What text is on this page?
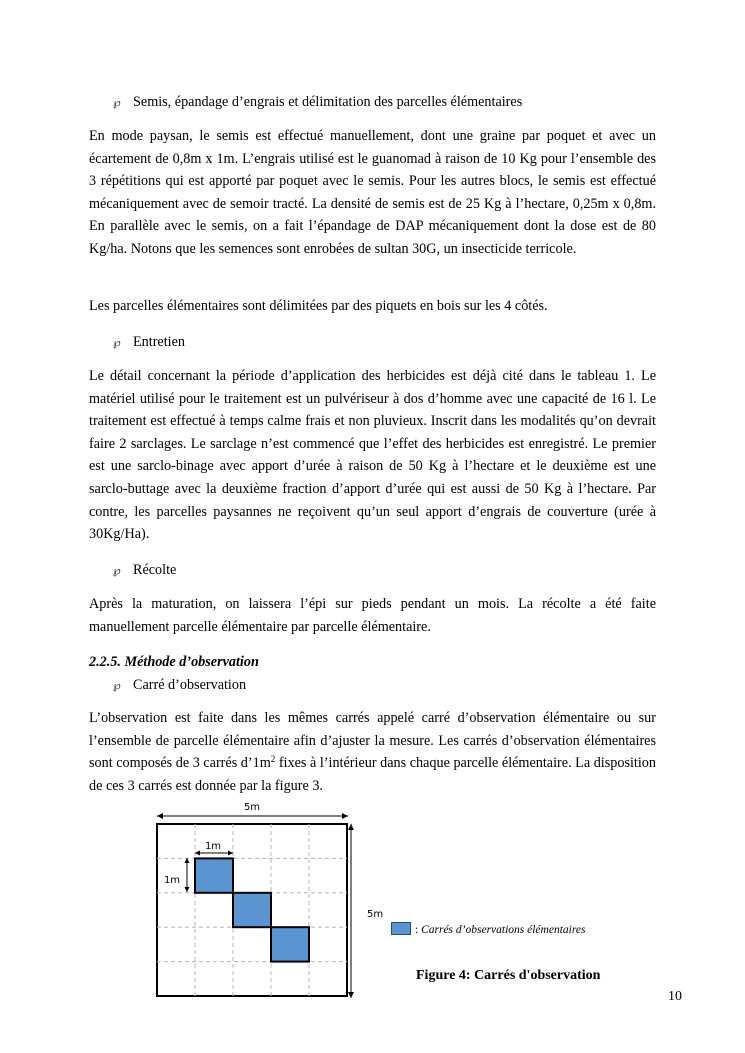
℘ Semis, épandage d’engrais et délimitation des parcelles élémentaires

En mode paysan, le semis est effectué manuellement, dont une graine par poquet et avec un écartement de 0,8m x 1m. L’engrais utilisé est le guanomad à raison de 10 Kg pour l’ensemble des 3 répétitions qui est apporté par poquet avec le semis. Pour les autres blocs, le semis est effectué mécaniquement avec de semoir tracté. La densité de semis est de 25 Kg à l’hectare, 0,25m x 0,8m. En parallèle avec le semis, on a fait l’épandage de DAP mécaniquement dont la dose est de 80 Kg/ha. Notons que les semences sont enrobées de sultan 30G, un insecticide terricole.

Les parcelles élémentaires sont délimitées par des piquets en bois sur les 4 côtés.

℘ Entretien

Le détail concernant la période d’application des herbicides est déjà cité dans le tableau 1. Le matériel utilisé pour le traitement est un pulvériseur à dos d’homme avec une capacité de 16 l. Le traitement est effectué à temps calme frais et non pluvieux. Inscrit dans les modalités qu’on devrait faire 2 sarclages. Le sarclage n’est commencé que l’effet des herbicides est enregistré. Le premier est une sarclo-binage avec apport d’urée à raison de 50 Kg à l’hectare et le deuxième est une sarclo-buttage avec la deuxième fraction d’apport d’urée qui est aussi de 50 Kg à l’hectare. Par contre, les parcelles paysannes ne reçoivent qu’un seul apport d’engrais de couverture (urée à 30Kg/Ha).

℘ Récolte

Après la maturation, on laissera l’épi sur pieds pendant un mois. La récolte a été faite manuellement parcelle élémentaire par parcelle élémentaire.

2.2.5. Méthode d’observation
℘ Carré d’observation

L’observation est faite dans les mêmes carrés appelé carré d’observation élémentaire ou sur l’ensemble de parcelle élémentaire afin d’ajuster la mesure. Les carrés d’observation élémentaires sont composés de 3 carrés $d’1m^2$ fixes à l’intérieur dans chaque parcelle élémentaire. La disposition de ces 3 carrés est donnée par la figure 3.

5m
1m
1m
5m
: Carrés d’observations élémentaires
Figure 4: Carrés d'observation
10
